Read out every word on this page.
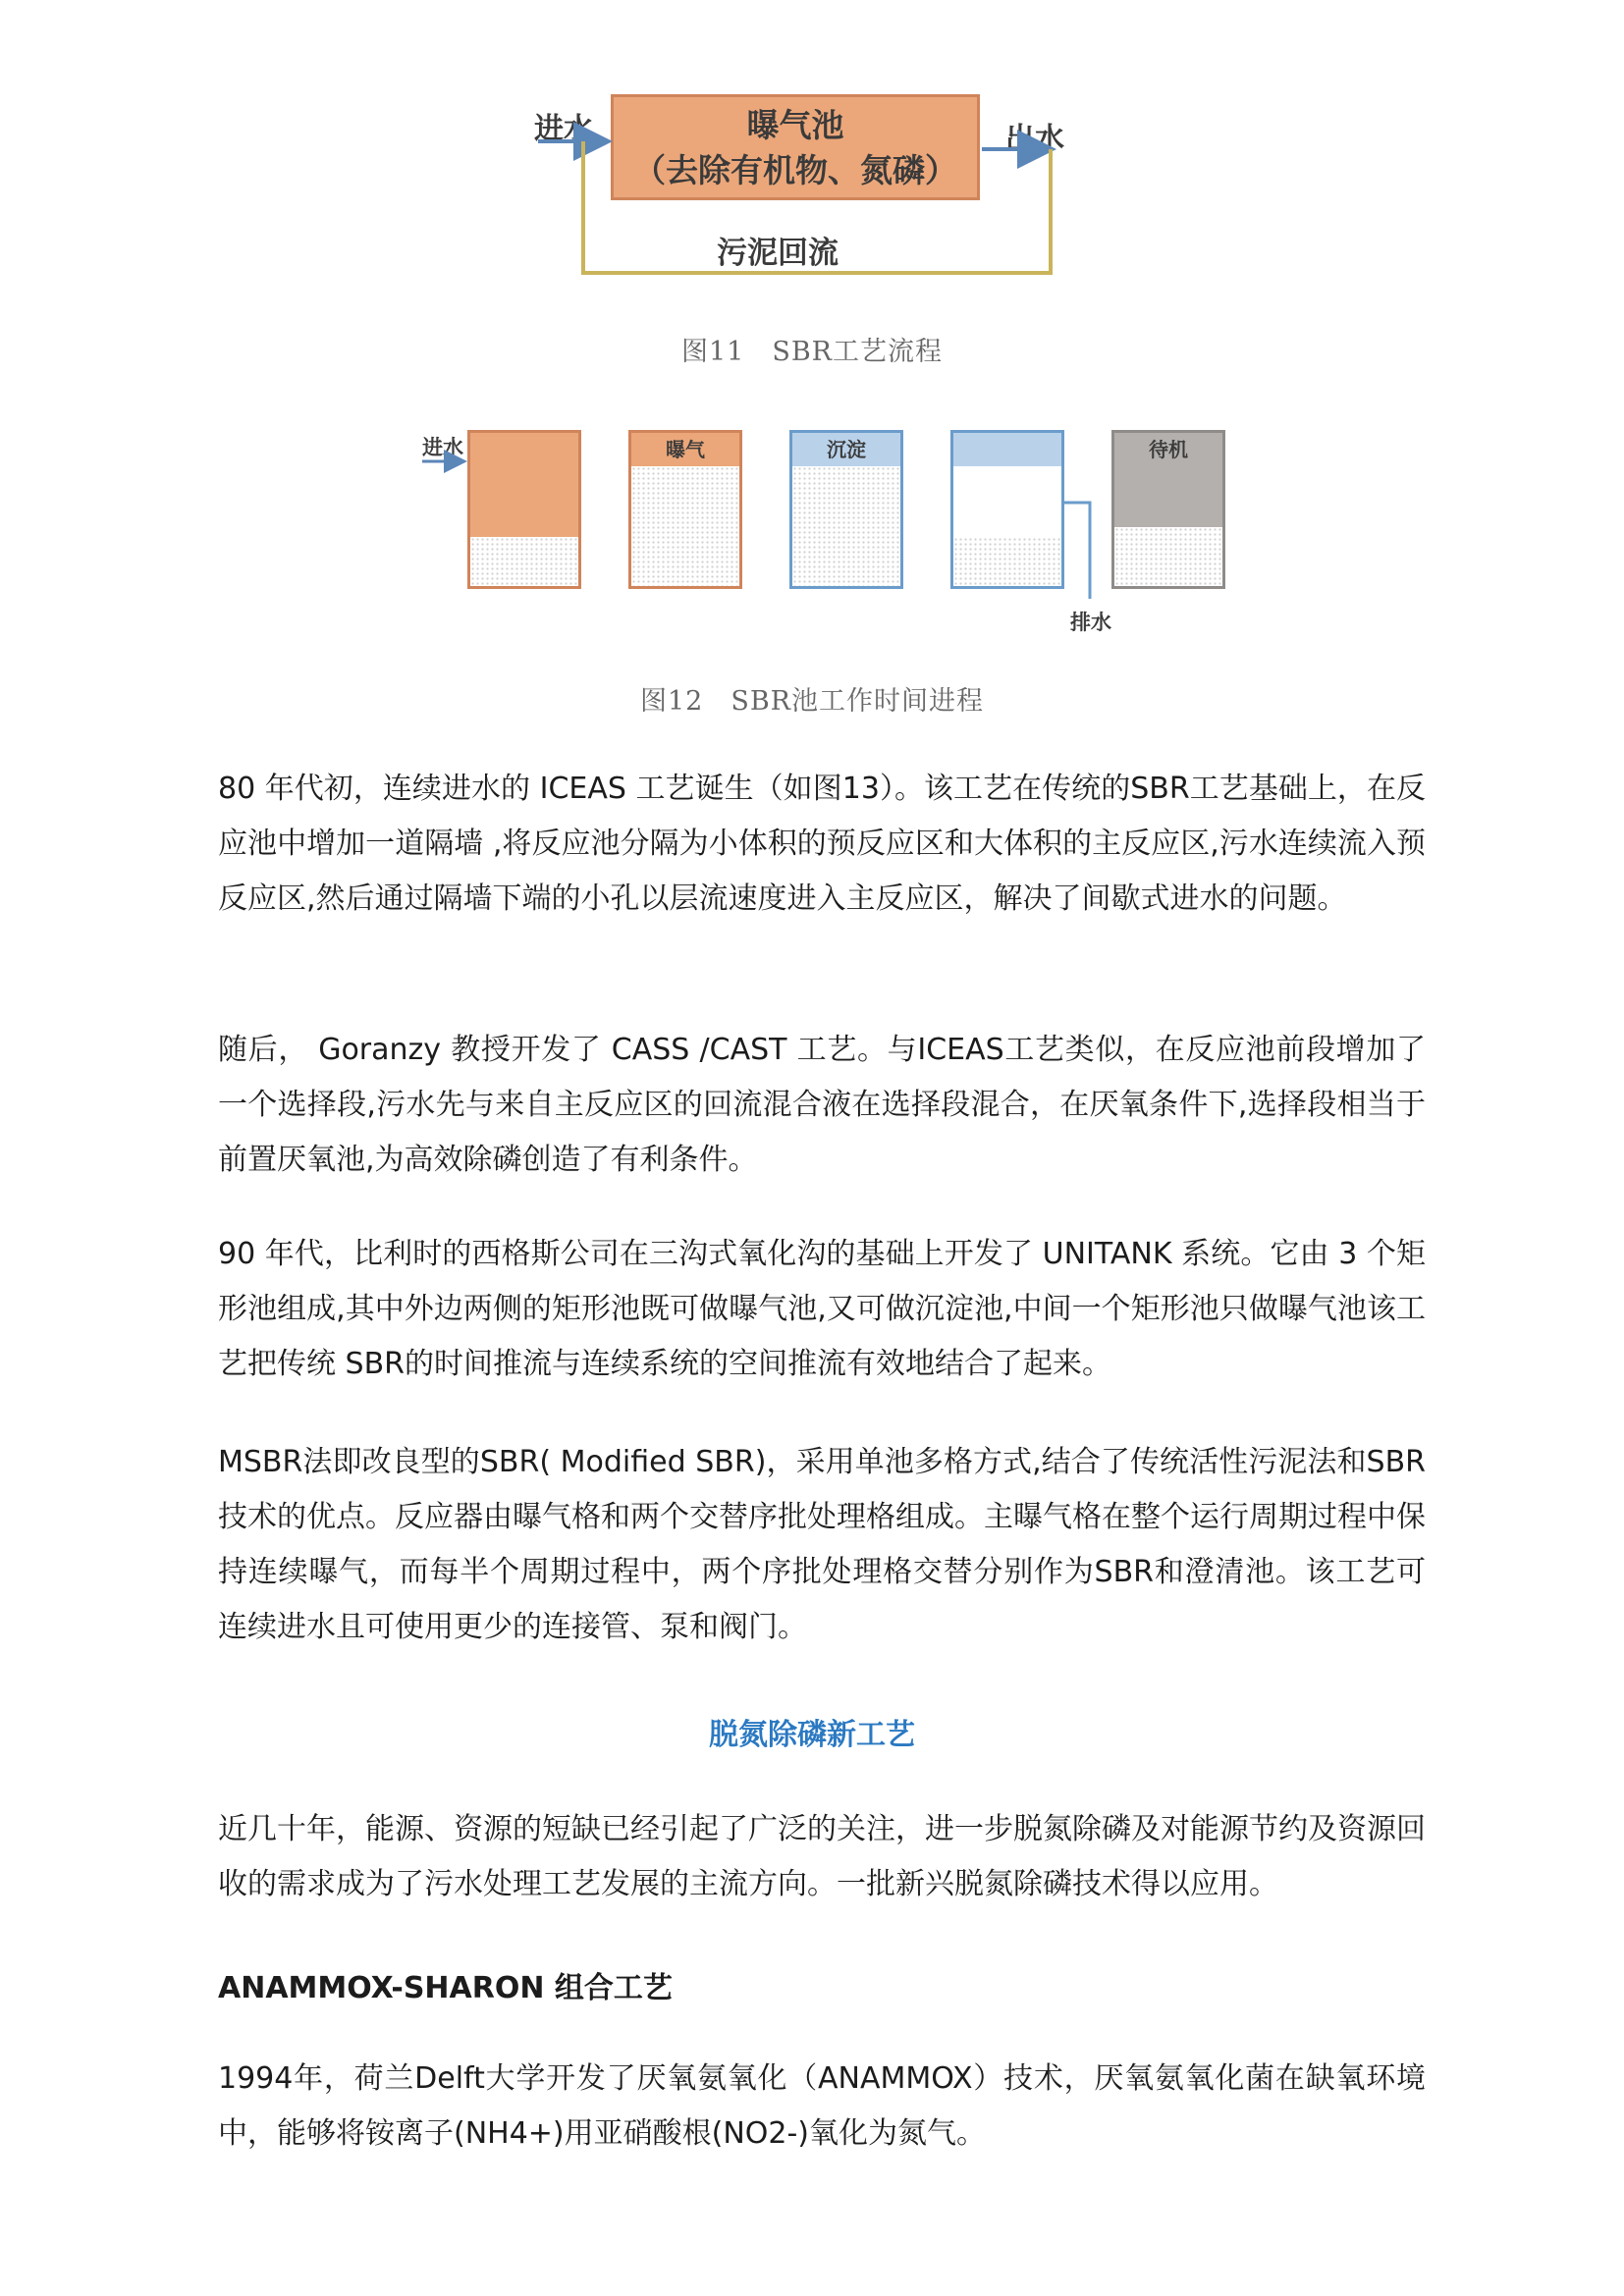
曝气池
（去除有机物、氮磷）
进水	出水
污泥回流
图11　SBR工艺流程
进水	曝气	沉淀	待机
排水
图12　SBR池工作时间进程

80 年代初，连续进水的 ICEAS 工艺诞生（如图13）。该工艺在传统的SBR工艺基础上，在反应池中增加一道隔墙 ,将反应池分隔为小体积的预反应区和大体积的主反应区,污水连续流入预反应区,然后通过隔墙下端的小孔以层流速度进入主反应区，解决了间歇式进水的问题。

随后， Goranzy 教授开发了 CASS /CAST 工艺。与ICEAS工艺类似，在反应池前段增加了一个选择段,污水先与来自主反应区的回流混合液在选择段混合，在厌氧条件下,选择段相当于前置厌氧池,为高效除磷创造了有利条件。

90 年代，比利时的西格斯公司在三沟式氧化沟的基础上开发了 UNITANK 系统。它由 3 个矩形池组成,其中外边两侧的矩形池既可做曝气池,又可做沉淀池,中间一个矩形池只做曝气池该工艺把传统 SBR的时间推流与连续系统的空间推流有效地结合了起来。

MSBR法即改良型的SBR( Modified SBR)，采用单池多格方式,结合了传统活性污泥法和SBR技术的优点。反应器由曝气格和两个交替序批处理格组成。主曝气格在整个运行周期过程中保持连续曝气，而每半个周期过程中，两个序批处理格交替分别作为SBR和澄清池。该工艺可连续进水且可使用更少的连接管、泵和阀门。

脱氮除磷新工艺

近几十年，能源、资源的短缺已经引起了广泛的关注，进一步脱氮除磷及对能源节约及资源回收的需求成为了污水处理工艺发展的主流方向。一批新兴脱氮除磷技术得以应用。

ANAMMOX-SHARON 组合工艺

1994年，荷兰Delft大学开发了厌氧氨氧化（ANAMMOX）技术，厌氧氨氧化菌在缺氧环境中，能够将铵离子(NH4+)用亚硝酸根(NO2-)氧化为氮气。
